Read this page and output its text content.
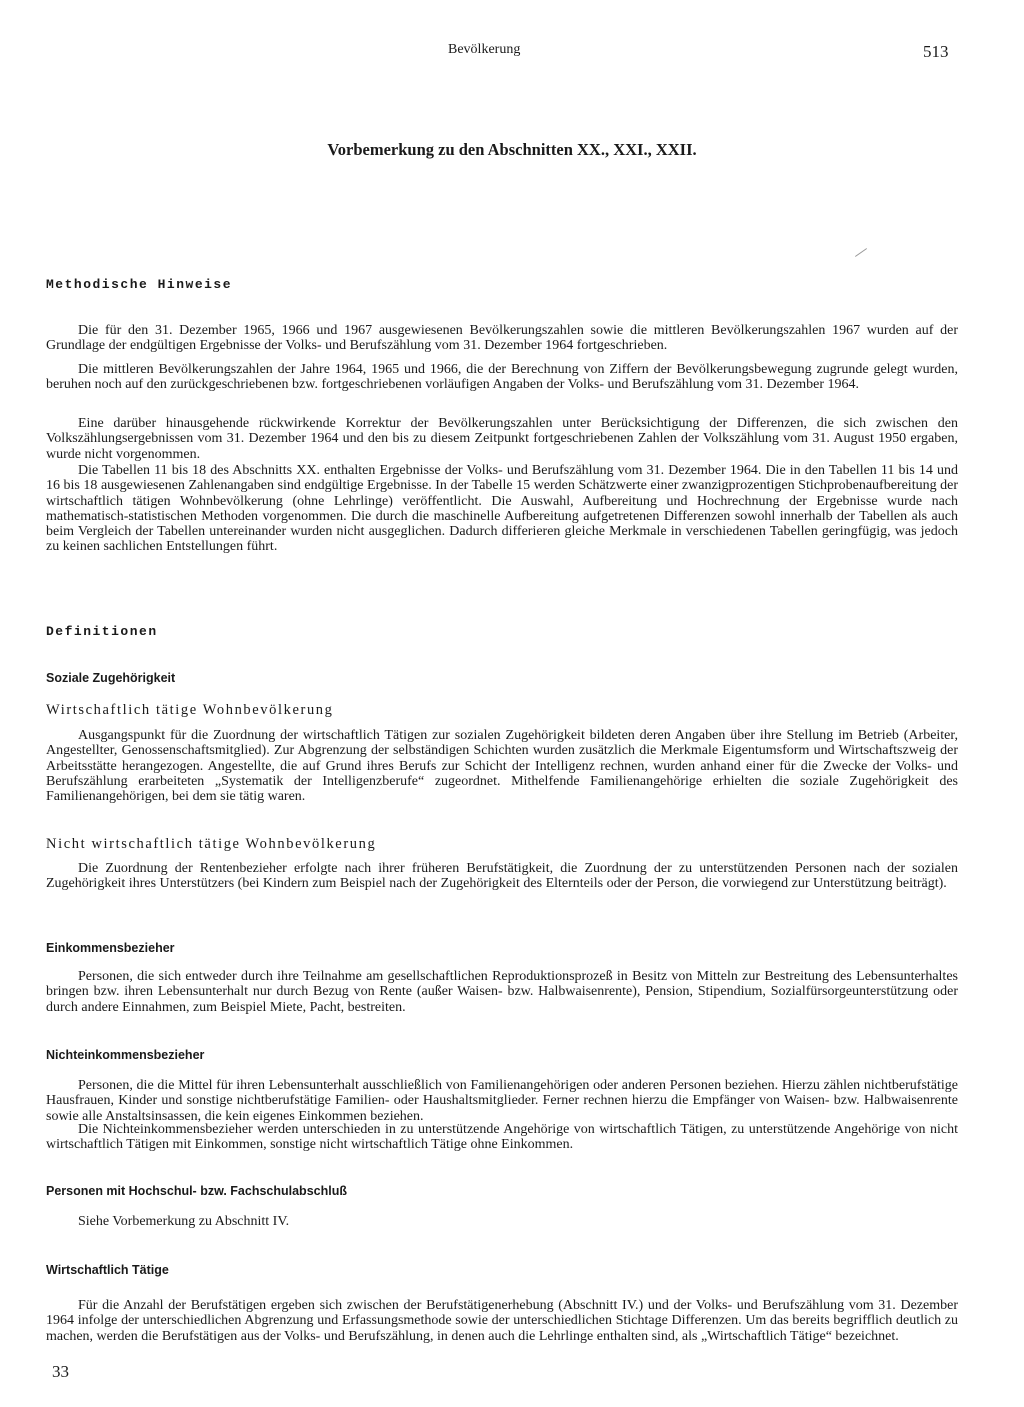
Bevölkerung	513
Vorbemerkung zu den Abschnitten XX., XXI., XXII.
Methodische Hinweise

Die für den 31. Dezember 1965, 1966 und 1967 ausgewiesenen Bevölkerungszahlen sowie die mittleren Bevölkerungszahlen 1967 wurden auf der Grundlage der endgültigen Ergebnisse der Volks- und Berufszählung vom 31. Dezember 1964 fortgeschrieben.

Die mittleren Bevölkerungszahlen der Jahre 1964, 1965 und 1966, die der Berechnung von Ziffern der Bevölkerungsbewegung zugrunde gelegt wurden, beruhen noch auf den zurückgeschriebenen bzw. fortgeschriebenen vorläufigen Angaben der Volks- und Berufszählung vom 31. Dezember 1964.

Eine darüber hinausgehende rückwirkende Korrektur der Bevölkerungszahlen unter Berücksichtigung der Differenzen, die sich zwischen den Volkszählungsergebnissen vom 31. Dezember 1964 und den bis zu diesem Zeitpunkt fortgeschriebenen Zahlen der Volkszählung vom 31. August 1950 ergaben, wurde nicht vorgenommen.

Die Tabellen 11 bis 18 des Abschnitts XX. enthalten Ergebnisse der Volks- und Berufszählung vom 31. Dezember 1964. Die in den Tabellen 11 bis 14 und 16 bis 18 ausgewiesenen Zahlenangaben sind endgültige Ergebnisse. In der Tabelle 15 werden Schätzwerte einer zwanzigprozentigen Stichprobenaufbereitung der wirtschaftlich tätigen Wohnbevölkerung (ohne Lehrlinge) veröffentlicht. Die Auswahl, Aufbereitung und Hochrechnung der Ergebnisse wurde nach mathematisch-statistischen Methoden vorgenommen. Die durch die maschinelle Aufbereitung aufgetretenen Differenzen sowohl innerhalb der Tabellen als auch beim Vergleich der Tabellen untereinander wurden nicht ausgeglichen. Dadurch differieren gleiche Merkmale in verschiedenen Tabellen geringfügig, was jedoch zu keinen sachlichen Entstellungen führt.

Definitionen
Soziale Zugehörigkeit
Wirtschaftlich tätige Wohnbevölkerung

Ausgangspunkt für die Zuordnung der wirtschaftlich Tätigen zur sozialen Zugehörigkeit bildeten deren Angaben über ihre Stellung im Betrieb (Arbeiter, Angestellter, Genossenschaftsmitglied). Zur Abgrenzung der selbständigen Schichten wurden zusätzlich die Merkmale Eigentumsform und Wirtschaftszweig der Arbeitsstätte herangezogen. Angestellte, die auf Grund ihres Berufs zur Schicht der Intelligenz rechnen, wurden anhand einer für die Zwecke der Volks- und Berufszählung erarbeiteten „Systematik der Intelligenzberufe“ zugeordnet. Mithelfende Familienangehörige erhielten die soziale Zugehörigkeit des Familienangehörigen, bei dem sie tätig waren.

Nicht wirtschaftlich tätige Wohnbevölkerung

Die Zuordnung der Rentenbezieher erfolgte nach ihrer früheren Berufstätigkeit, die Zuordnung der zu unterstützenden Personen nach der sozialen Zugehörigkeit ihres Unterstützers (bei Kindern zum Beispiel nach der Zugehörigkeit des Elternteils oder der Person, die vorwiegend zur Unterstützung beiträgt).

Einkommensbezieher

Personen, die sich entweder durch ihre Teilnahme am gesellschaftlichen Reproduktionsprozeß in Besitz von Mitteln zur Bestreitung des Lebensunterhaltes bringen bzw. ihren Lebensunterhalt nur durch Bezug von Rente (außer Waisen- bzw. Halbwaisenrente), Pension, Stipendium, Sozialfürsorgeunterstützung oder durch andere Einnahmen, zum Beispiel Miete, Pacht, bestreiten.

Nichteinkommensbezieher

Personen, die die Mittel für ihren Lebensunterhalt ausschließlich von Familienangehörigen oder anderen Personen beziehen. Hierzu zählen nichtberufstätige Hausfrauen, Kinder und sonstige nichtberufstätige Familien- oder Haushaltsmitglieder. Ferner rechnen hierzu die Empfänger von Waisen- bzw. Halbwaisenrente sowie alle Anstaltsinsassen, die kein eigenes Einkommen beziehen.

Die Nichteinkommensbezieher werden unterschieden in zu unterstützende Angehörige von wirtschaftlich Tätigen, zu unterstützende Angehörige von nicht wirtschaftlich Tätigen mit Einkommen, sonstige nicht wirtschaftlich Tätige ohne Einkommen.

Personen mit Hochschul- bzw. Fachschulabschluß

Siehe Vorbemerkung zu Abschnitt IV.

Wirtschaftlich Tätige

Für die Anzahl der Berufstätigen ergeben sich zwischen der Berufstätigenerhebung (Abschnitt IV.) und der Volks- und Berufszählung vom 31. Dezember 1964 infolge der unterschiedlichen Abgrenzung und Erfassungsmethode sowie der unterschiedlichen Stichtage Differenzen. Um das bereits begrifflich deutlich zu machen, werden die Berufstätigen aus der Volks- und Berufszählung, in denen auch die Lehrlinge enthalten sind, als „Wirtschaftlich Tätige“ bezeichnet.

33
